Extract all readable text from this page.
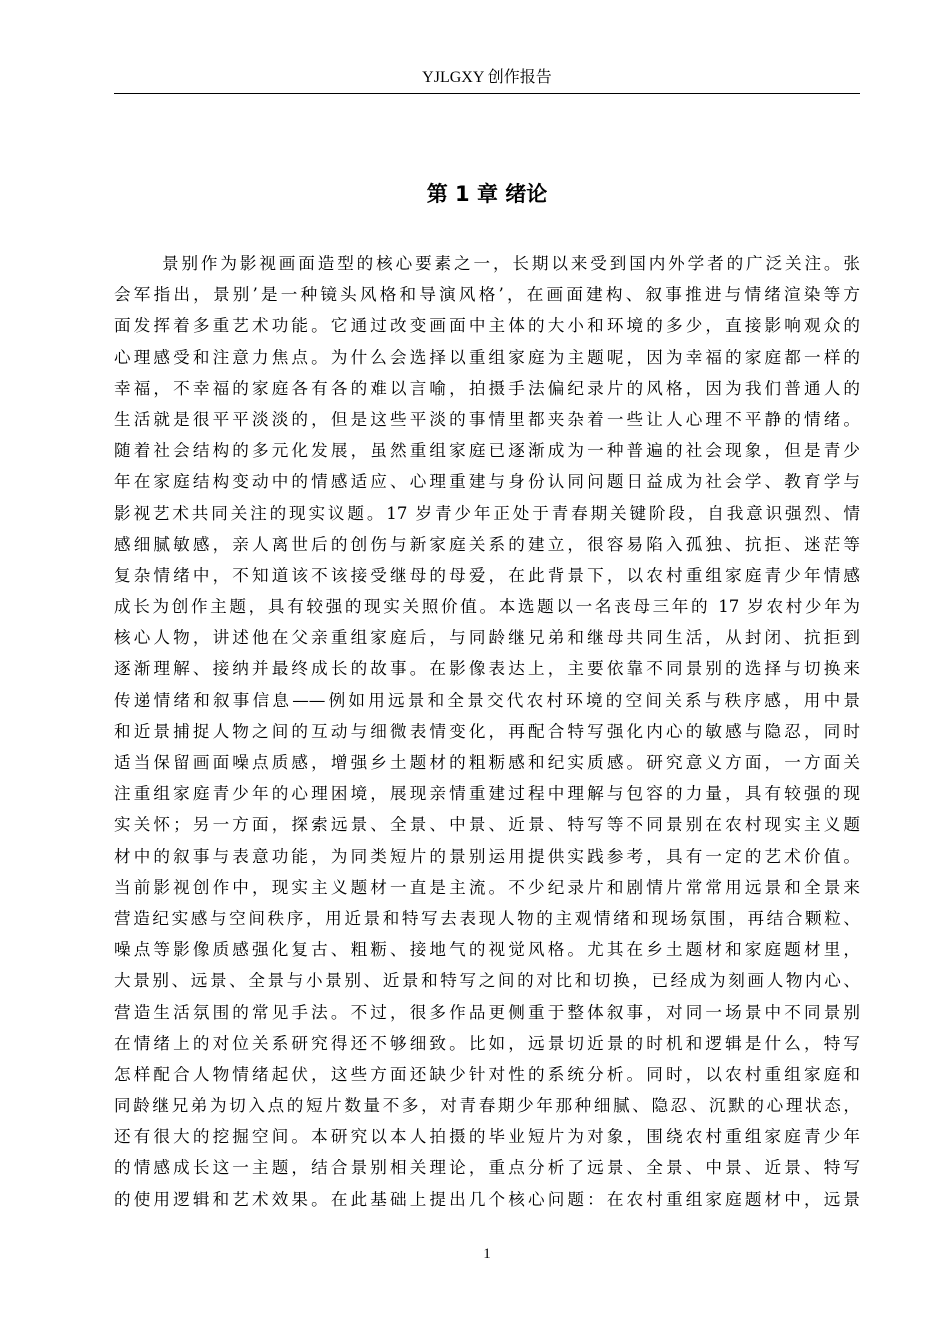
YJLGXY 创作报告
第 1 章 绪论
景别作为影视画面造型的核心要素之一，长期以来受到国内外学者的广泛关注。张
会军指出，景别’是一种镜头风格和导演风格’，在画面建构、叙事推进与情绪渲染等方
面发挥着多重艺术功能。它通过改变画面中主体的大小和环境的多少，直接影响观众的
心理感受和注意力焦点。为什么会选择以重组家庭为主题呢，因为幸福的家庭都一样的
幸福，不幸福的家庭各有各的难以言喻，拍摄手法偏纪录片的风格，因为我们普通人的
生活就是很平平淡淡的，但是这些平淡的事情里都夹杂着一些让人心理不平静的情绪。
随着社会结构的多元化发展，虽然重组家庭已逐渐成为一种普遍的社会现象，但是青少
年在家庭结构变动中的情感适应、心理重建与身份认同问题日益成为社会学、教育学与
影视艺术共同关注的现实议题。17 岁青少年正处于青春期关键阶段，自我意识强烈、情
感细腻敏感，亲人离世后的创伤与新家庭关系的建立，很容易陷入孤独、抗拒、迷茫等
复杂情绪中，不知道该不该接受继母的母爱，在此背景下，以农村重组家庭青少年情感
成长为创作主题，具有较强的现实关照价值。本选题以一名丧母三年的 17 岁农村少年为
核心人物，讲述他在父亲重组家庭后，与同龄继兄弟和继母共同生活，从封闭、抗拒到
逐渐理解、接纳并最终成长的故事。在影像表达上，主要依靠不同景别的选择与切换来
传递情绪和叙事信息——例如用远景和全景交代农村环境的空间关系与秩序感，用中景
和近景捕捉人物之间的互动与细微表情变化，再配合特写强化内心的敏感与隐忍，同时
适当保留画面噪点质感，增强乡土题材的粗粝感和纪实质感。研究意义方面，一方面关
注重组家庭青少年的心理困境，展现亲情重建过程中理解与包容的力量，具有较强的现
实关怀；另一方面，探索远景、全景、中景、近景、特写等不同景别在农村现实主义题
材中的叙事与表意功能，为同类短片的景别运用提供实践参考，具有一定的艺术价值。
当前影视创作中，现实主义题材一直是主流。不少纪录片和剧情片常常用远景和全景来
营造纪实感与空间秩序，用近景和特写去表现人物的主观情绪和现场氛围，再结合颗粒、
噪点等影像质感强化复古、粗粝、接地气的视觉风格。尤其在乡土题材和家庭题材里，
大景别、远景、全景与小景别、近景和特写之间的对比和切换，已经成为刻画人物内心、
营造生活氛围的常见手法。不过，很多作品更侧重于整体叙事，对同一场景中不同景别
在情绪上的对位关系研究得还不够细致。比如，远景切近景的时机和逻辑是什么，特写
怎样配合人物情绪起伏，这些方面还缺少针对性的系统分析。同时，以农村重组家庭和
同龄继兄弟为切入点的短片数量不多，对青春期少年那种细腻、隐忍、沉默的心理状态，
还有很大的挖掘空间。本研究以本人拍摄的毕业短片为对象，围绕农村重组家庭青少年
的情感成长这一主题，结合景别相关理论，重点分析了远景、全景、中景、近景、特写
的使用逻辑和艺术效果。在此基础上提出几个核心问题：在农村重组家庭题材中，远景
1
